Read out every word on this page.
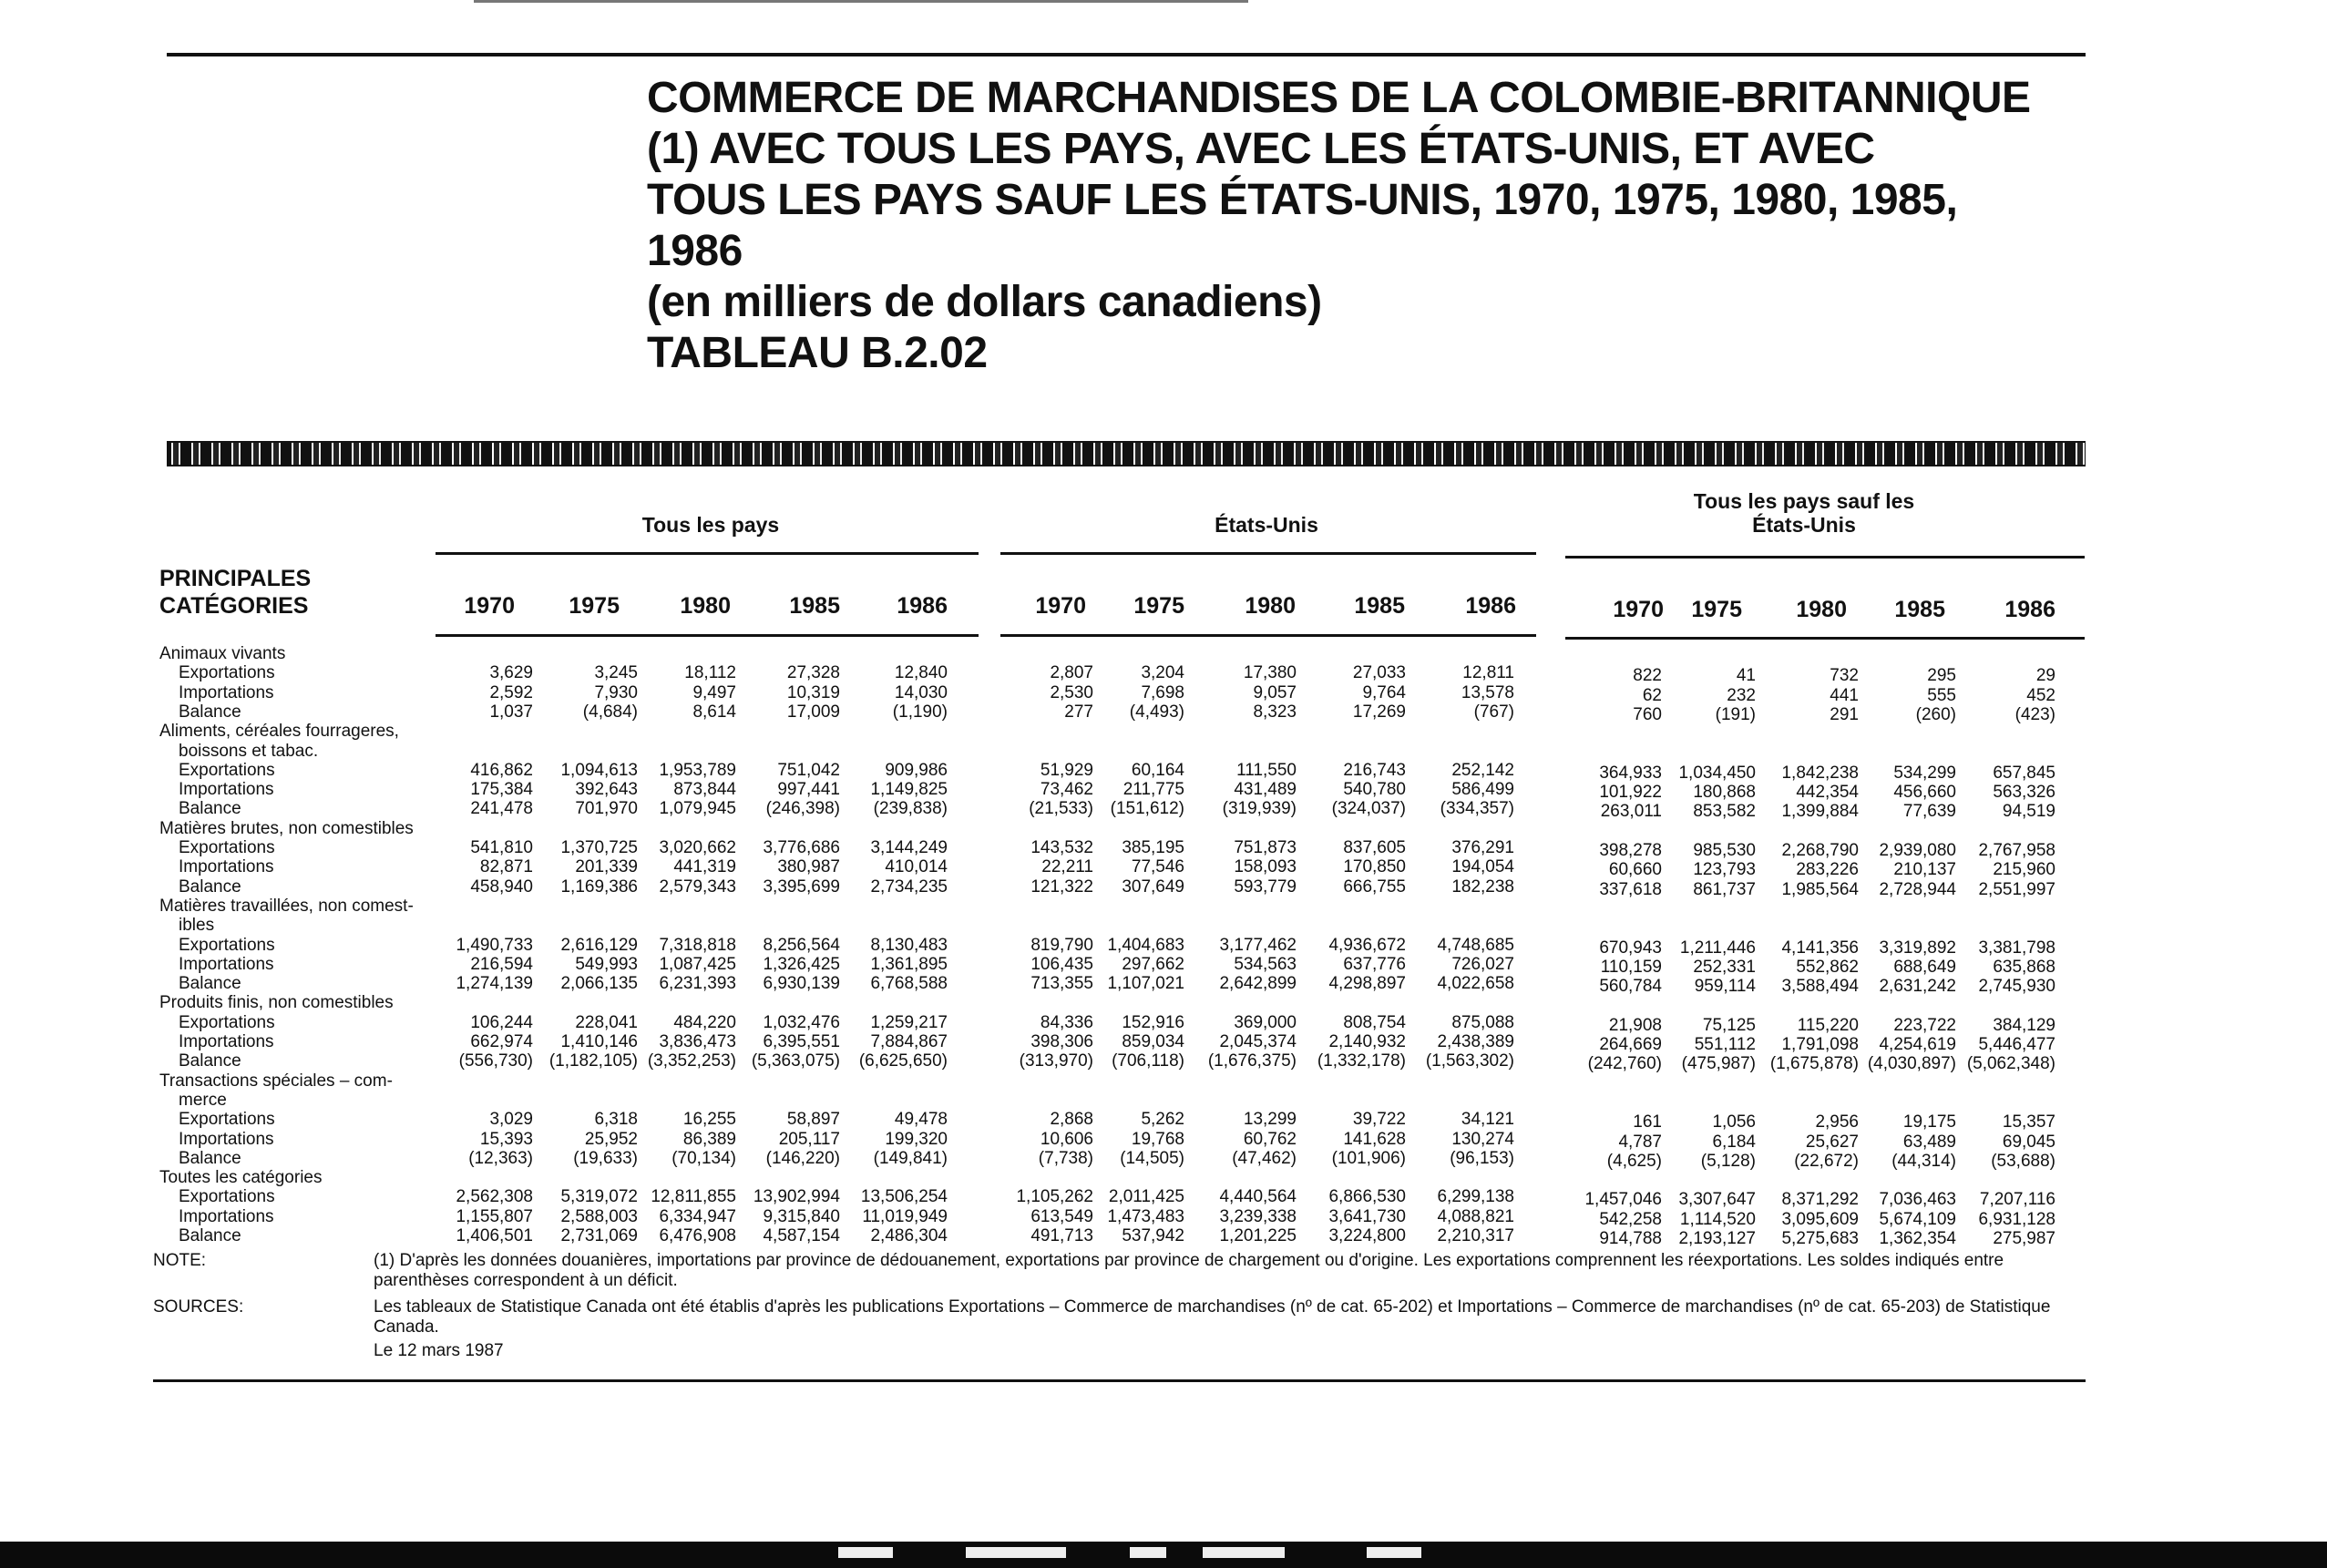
COMMERCE DE MARCHANDISES DE LA COLOMBIE-BRITANNIQUE
(1) AVEC TOUS LES PAYS, AVEC LES ÉTATS-UNIS, ET AVEC
TOUS LES PAYS SAUF LES ÉTATS-UNIS, 1970, 1975, 1980, 1985,
1986
(en milliers de dollars canadiens)
TABLEAU B.2.02
Tous les pays	États-Unis
Tous les pays sauf les États-Unis
PRINCIPALES
CATÉGORIES	1970	1975	1980	1985	1986	1970	1975	1980	1985	1986	1970	1975	1980	1985	1986
Animaux vivants
Exportations	3,629	3,245	18,112	27,328	12,840	2,807	3,204	17,380	27,033	12,811	822	41	732	295	29
Importations	2,592	7,930	9,497	10,319	14,030	2,530	7,698	9,057	9,764	13,578	62	232	441	555	452
Balance	1,037	(4,684)	8,614	17,009	(1,190)	277	(4,493)	8,323	17,269	(767)	760	(191)	291	(260)	(423)
Aliments, céréales fourrageres,
boissons et tabac.
Exportations	416,862	1,094,613	1,953,789	751,042	909,986	51,929	60,164	111,550	216,743	252,142	364,933 1,034,450	1,842,238	534,299	657,845
Importations	175,384	392,643	873,844	997,441	1,149,825	73,462	211,775	431,489	540,780	586,499	101,922	180,868	442,354	456,660	563,326
Balance	241,478	701,970	1,079,945	(246,398)	(239,838)	(21,533) (151,612)	(319,939)	(324,037)	(334,357)	263,011	853,582	1,399,884	77,639	94,519
Matières brutes, non comestibles
Exportations	541,810	1,370,725	3,020,662	3,776,686	3,144,249	143,532	385,195	751,873	837,605	376,291	398,278	985,530	2,268,790	2,939,080	2,767,958
Importations	82,871	201,339	441,319	380,987	410,014	22,211	77,546	158,093	170,850	194,054	60,660	123,793	283,226	210,137	215,960
Balance	458,940	1,169,386	2,579,343	3,395,699	2,734,235	121,322	307,649	593,779	666,755	182,238	337,618	861,737	1,985,564	2,728,944	2,551,997
Matières travaillées, non comest-
ibles
Exportations	1,490,733	2,616,129	7,318,818	8,256,564	8,130,483	819,790 1,404,683	3,177,462	4,936,672	4,748,685	670,943	1,211,446	4,141,356	3,319,892	3,381,798
Importations	216,594	549,993	1,087,425	1,326,425	1,361,895	106,435	297,662	534,563	637,776	726,027	110,159	252,331	552,862	688,649	635,868
Balance	1,274,139	2,066,135	6,231,393	6,930,139	6,768,588	713,355 1,107,021	2,642,899	4,298,897	4,022,658	560,784	959,114	3,588,494	2,631,242	2,745,930
Produits finis, non comestibles
Exportations	106,244	228,041	484,220	1,032,476	1,259,217	84,336	152,916	369,000	808,754	875,088	21,908	75,125	115,220	223,722	384,129
Importations	662,974	1,410,146	3,836,473	6,395,551	7,884,867	398,306	859,034	2,045,374	2,140,932	2,438,389	264,669	551,112	1,791,098	4,254,619	5,446,477
Balance	(556,730) (1,182,105) (3,352,253) (5,363,075)	(6,625,650)	(313,970)	(706,118)	(1,676,375)	(1,332,178)	(1,563,302)	(242,760)	(475,987) (1,675,878) (4,030,897) (5,062,348)
Transactions spéciales – com-
merce
Exportations	3,029	6,318	16,255	58,897	49,478	2,868	5,262	13,299	39,722	34,121	161	1,056	2,956	19,175	15,357
Importations	15,393	25,952	86,389	205,117	199,320	10,606	19,768	60,762	141,628	130,274	4,787	6,184	25,627	63,489	69,045
Balance	(12,363)	(19,633)	(70,134)	(146,220)	(149,841)	(7,738)	(14,505)	(47,462)	(101,906)	(96,153)	(4,625)	(5,128)	(22,672)	(44,314)	(53,688)
Toutes les catégories
Exportations	2,562,308	5,319,072 12,811,855 13,902,994	13,506,254	1,105,262 2,011,425	4,440,564	6,866,530	6,299,138	1,457,046 3,307,647	8,371,292	7,036,463	7,207,116
Importations	1,155,807	2,588,003	6,334,947	9,315,840	11,019,949	613,549 1,473,483	3,239,338	3,641,730	4,088,821	542,258	1,114,520	3,095,609	5,674,109	6,931,128
Balance	1,406,501	2,731,069	6,476,908	4,587,154	2,486,304	491,713	537,942	1,201,225	3,224,800	2,210,317	914,788 2,193,127	5,275,683	1,362,354	275,987
NOTE:	(1) D'après les données douanières, importations par province de dédouanement, exportations par province de chargement ou d'origine. Les exportations comprennent les réexportations. Les soldes indiqués entre parenthèses correspondent à un déficit.
SOURCES:	Les tableaux de Statistique Canada ont été établis d'après les publications Exportations – Commerce de marchandises (nº de cat. 65-202) et Importations – Commerce de marchandises (nº de cat. 65-203) de Statistique Canada.
Le 12 mars 1987
